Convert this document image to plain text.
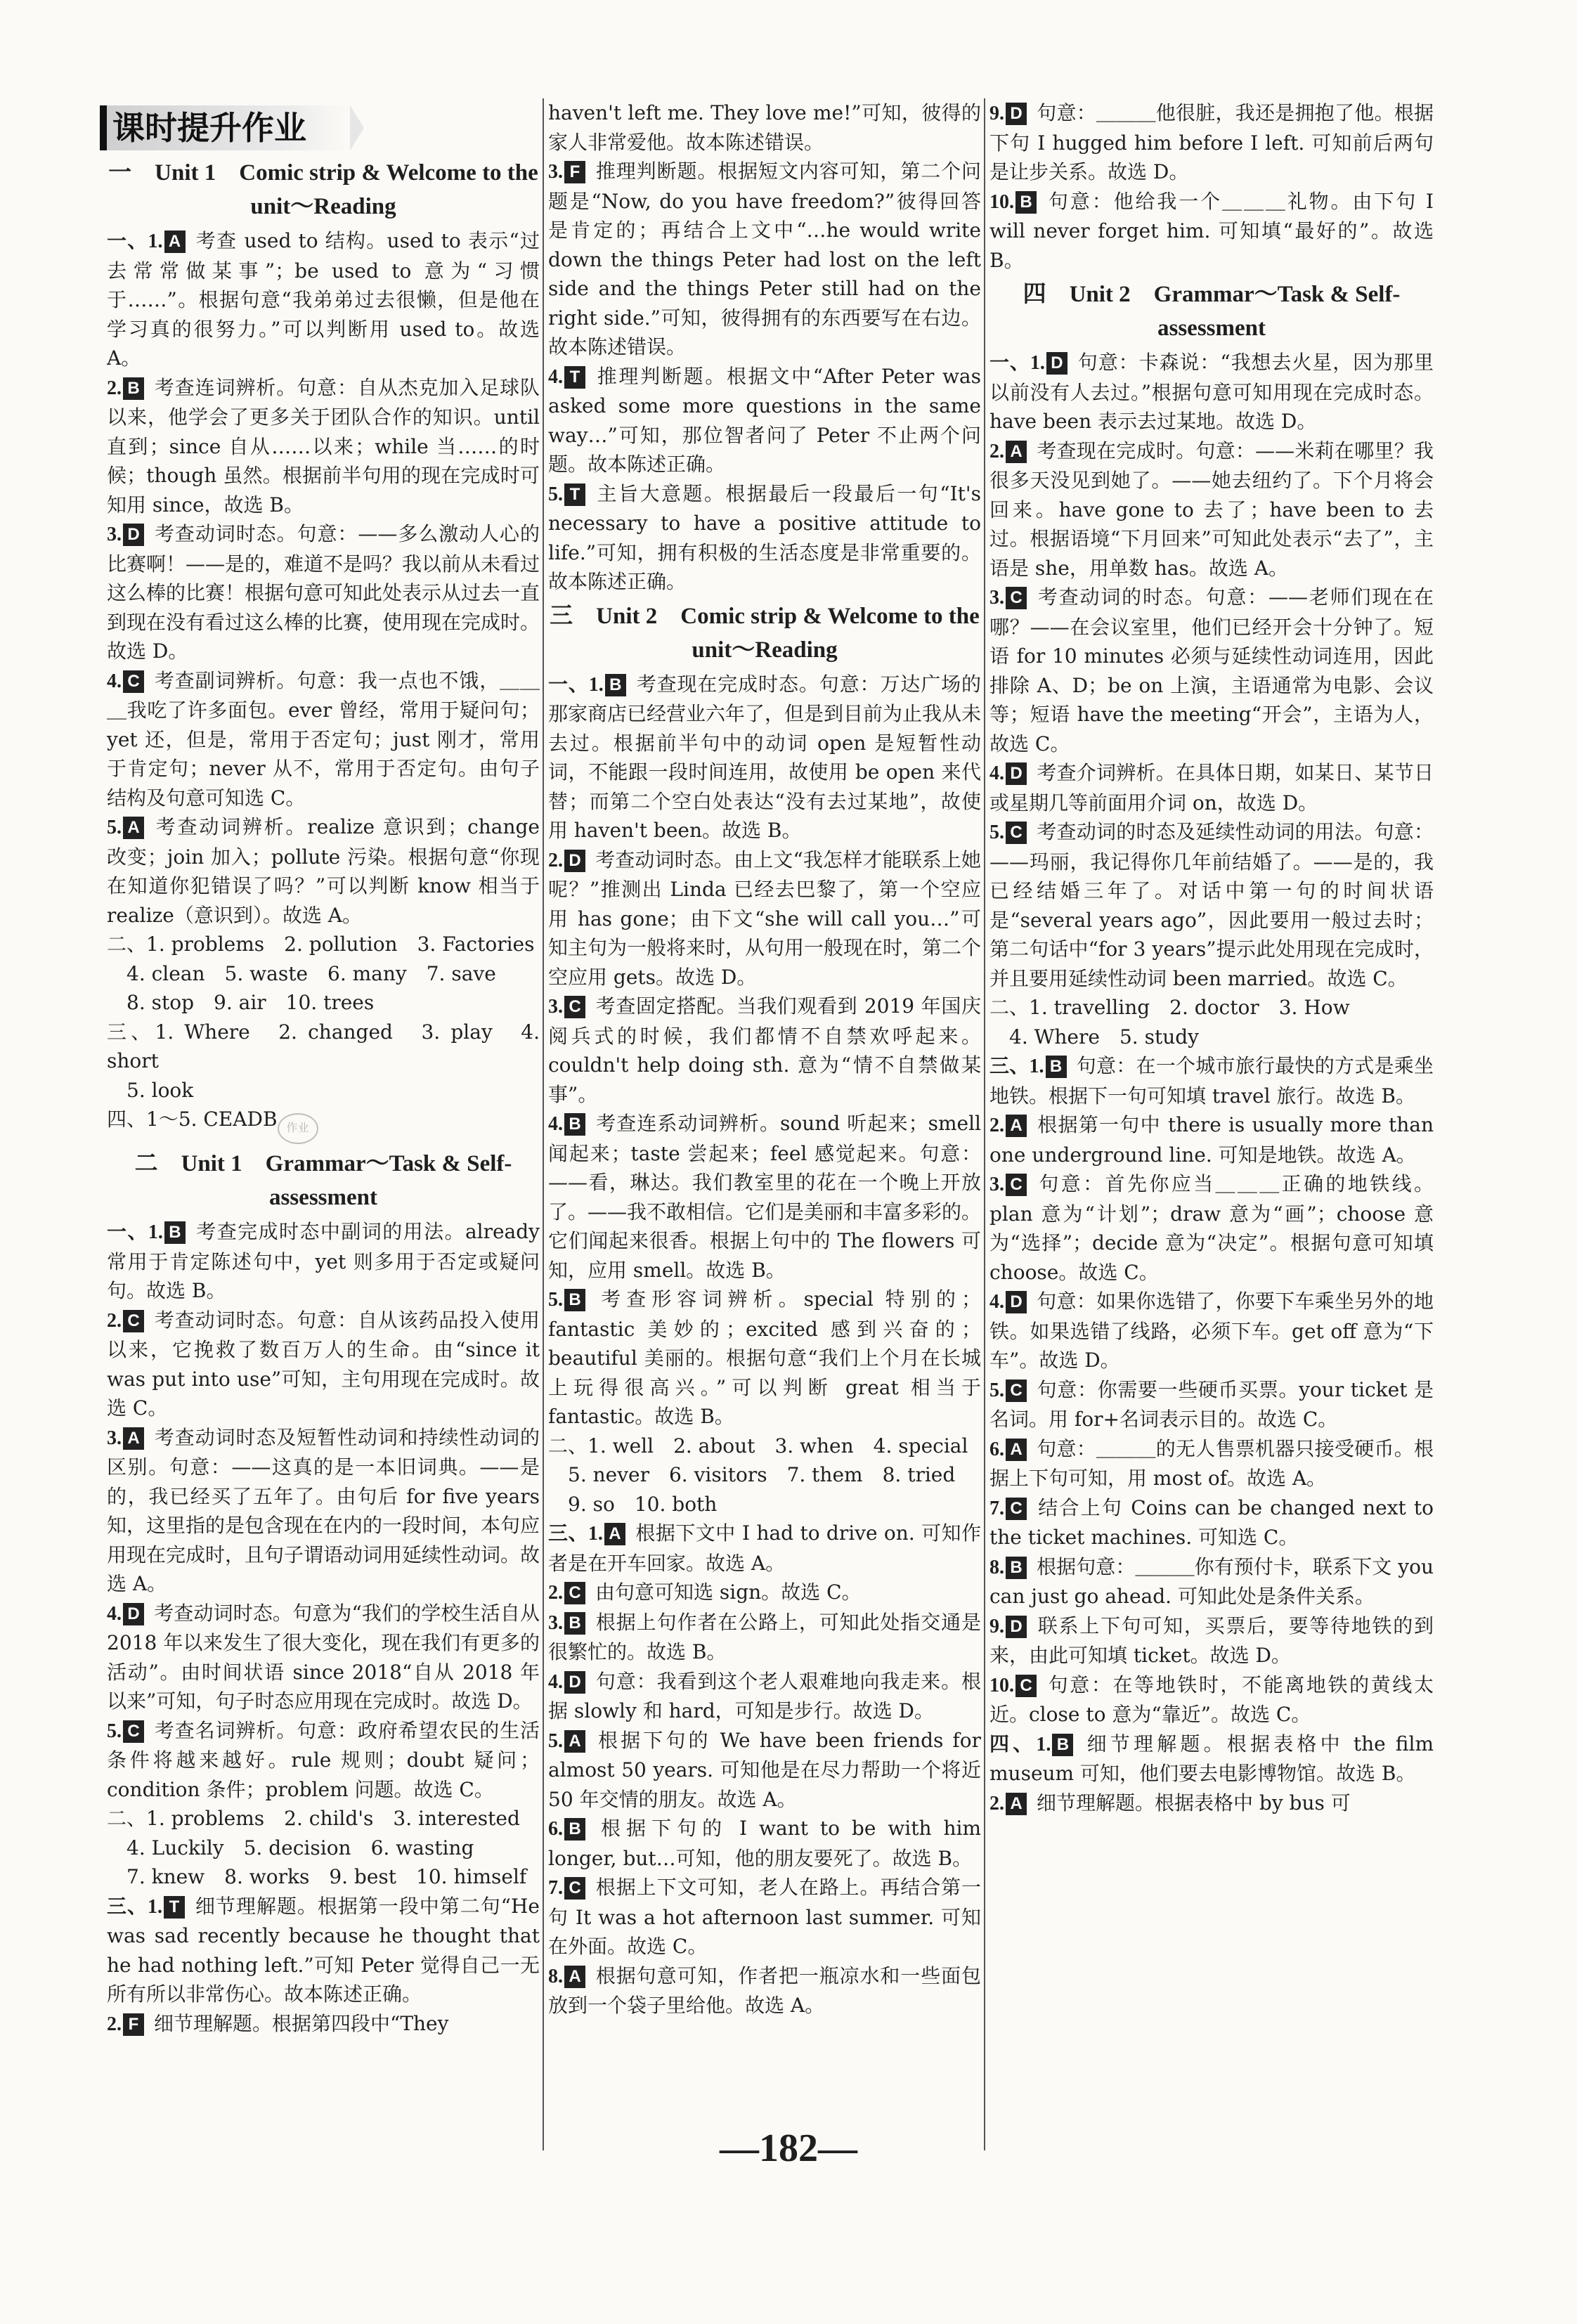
课时提升作业
一　Unit 1　Comic strip & Welcome to the unit～Reading

一、1. A 考查 used to 结构。used to 表示“过去常常做某事”；be used to 意为“习惯于……”。根据句意“我弟弟过去很懒，但是他在学习真的很努力。”可以判断用 used to。故选 A。

2. B 考查连词辨析。句意：自从杰克加入足球队以来，他学会了更多关于团队合作的知识。until 直到；since 自从……以来；while 当……的时候；though 虽然。根据前半句用的现在完成时可知用 since，故选 B。

3. D 考查动词时态。句意：——多么激动人心的比赛啊！——是的，难道不是吗？我以前从未看过这么棒的比赛！根据句意可知此处表示从过去一直到现在没有看过这么棒的比赛，使用现在完成时。故选 D。

4. C 考查副词辨析。句意：我一点也不饿，＿＿＿我吃了许多面包。ever 曾经，常用于疑问句；yet 还，但是，常用于否定句；just 刚才，常用于肯定句；never 从不，常用于否定句。由句子结构及句意可知选 C。

5. A 考查动词辨析。realize 意识到；change 改变；join 加入；pollute 污染。根据句意“你现在知道你犯错误了吗？”可以判断 know 相当于 realize（意识到）。故选 A。

二、1. problems　2. pollution　3. Factories

　4. clean　5. waste　6. many　7. save

　8. stop　9. air　10. trees

三、1. Where　2. changed　3. play　4. short

　5. look

四、1～5. CEADB 作业

二　Unit 1　Grammar～Task & Self-assessment

一、1. B 考查完成时态中副词的用法。already 常用于肯定陈述句中，yet 则多用于否定或疑问句。故选 B。

2. C 考查动词时态。句意：自从该药品投入使用以来，它挽救了数百万人的生命。由“since it was put into use”可知，主句用现在完成时。故选 C。

3. A 考查动词时态及短暂性动词和持续性动词的区别。句意：——这真的是一本旧词典。——是的，我已经买了五年了。由句后 for five years 知，这里指的是包含现在在内的一段时间，本句应用现在完成时，且句子谓语动词用延续性动词。故选 A。

4. D 考查动词时态。句意为“我们的学校生活自从 2018 年以来发生了很大变化，现在我们有更多的活动”。由时间状语 since 2018“自从 2018 年以来”可知，句子时态应用现在完成时。故选 D。

5. C 考查名词辨析。句意：政府希望农民的生活条件将越来越好。rule 规则；doubt 疑问；condition 条件；problem 问题。故选 C。

二、1. problems　2. child's　3. interested

　4. Luckily　5. decision　6. wasting

　7. knew　8. works　9. best　10. himself

三、1. T 细节理解题。根据第一段中第二句“He was sad recently because he thought that he had nothing left.”可知 Peter 觉得自己一无所有所以非常伤心。故本陈述正确。

2. F 细节理解题。根据第四段中“They

haven't left me. They love me!”可知，彼得的家人非常爱他。故本陈述错误。

3. F 推理判断题。根据短文内容可知，第二个问题是“Now, do you have freedom?”彼得回答是肯定的；再结合上文中“…he would write down the things Peter had lost on the left side and the things Peter still had on the right side.”可知，彼得拥有的东西要写在右边。故本陈述错误。

4. T 推理判断题。根据文中“After Peter was asked some more questions in the same way…”可知，那位智者问了 Peter 不止两个问题。故本陈述正确。

5. T 主旨大意题。根据最后一段最后一句“It's necessary to have a positive attitude to life.”可知，拥有积极的生活态度是非常重要的。故本陈述正确。

三　Unit 2　Comic strip & Welcome to the unit～Reading

一、1. B 考查现在完成时态。句意：万达广场的那家商店已经营业六年了，但是到目前为止我从未去过。根据前半句中的动词 open 是短暂性动词，不能跟一段时间连用，故使用 be open 来代替；而第二个空白处表达“没有去过某地”，故使用 haven't been。故选 B。

2. D 考查动词时态。由上文“我怎样才能联系上她呢？”推测出 Linda 已经去巴黎了，第一个空应用 has gone；由下文“she will call you…”可知主句为一般将来时，从句用一般现在时，第二个空应用 gets。故选 D。

3. C 考查固定搭配。当我们观看到 2019 年国庆阅兵式的时候，我们都情不自禁欢呼起来。couldn't help doing sth. 意为“情不自禁做某事”。

4. B 考查连系动词辨析。sound 听起来；smell 闻起来；taste 尝起来；feel 感觉起来。句意：——看，琳达。我们教室里的花在一个晚上开放了。——我不敢相信。它们是美丽和丰富多彩的。它们闻起来很香。根据上句中的 The flowers 可知，应用 smell。故选 B。

5. B 考查形容词辨析。special 特别的；fantastic 美妙的；excited 感到兴奋的；beautiful 美丽的。根据句意“我们上个月在长城上玩得很高兴。”可以判断 great 相当于 fantastic。故选 B。

二、1. well　2. about　3. when　4. special

　5. never　6. visitors　7. them　8. tried

　9. so　10. both

三、1. A 根据下文中 I had to drive on. 可知作者是在开车回家。故选 A。

2. C 由句意可知选 sign。故选 C。

3. B 根据上句作者在公路上，可知此处指交通是很繁忙的。故选 B。

4. D 句意：我看到这个老人艰难地向我走来。根据 slowly 和 hard，可知是步行。故选 D。

5. A 根据下句的 We have been friends for almost 50 years. 可知他是在尽力帮助一个将近 50 年交情的朋友。故选 A。

6. B 根据下句的 I want to be with him longer, but…可知，他的朋友要死了。故选 B。

7. C 根据上下文可知，老人在路上。再结合第一句 It was a hot afternoon last summer. 可知在外面。故选 C。

8. A 根据句意可知，作者把一瓶凉水和一些面包放到一个袋子里给他。故选 A。

9. D 句意：＿＿＿他很脏，我还是拥抱了他。根据下句 I hugged him before I left. 可知前后两句是让步关系。故选 D。

10. B 句意：他给我一个＿＿＿礼物。由下句 I will never forget him. 可知填“最好的”。故选 B。

四　Unit 2　Grammar～Task & Self-assessment

一、1. D 句意：卡森说：“我想去火星，因为那里以前没有人去过。”根据句意可知用现在完成时态。have been 表示去过某地。故选 D。

2. A 考查现在完成时。句意：——米莉在哪里？我很多天没见到她了。——她去纽约了。下个月将会回来。have gone to 去了；have been to 去过。根据语境“下月回来”可知此处表示“去了”，主语是 she，用单数 has。故选 A。

3. C 考查动词的时态。句意：——老师们现在在哪？——在会议室里，他们已经开会十分钟了。短语 for 10 minutes 必须与延续性动词连用，因此排除 A、D；be on 上演，主语通常为电影、会议等；短语 have the meeting“开会”，主语为人，故选 C。

4. D 考查介词辨析。在具体日期，如某日、某节日或星期几等前面用介词 on，故选 D。

5. C 考查动词的时态及延续性动词的用法。句意：——玛丽，我记得你几年前结婚了。——是的，我已经结婚三年了。对话中第一句的时间状语是“several years ago”，因此要用一般过去时；第二句话中“for 3 years”提示此处用现在完成时，并且要用延续性动词 been married。故选 C。

二、1. travelling　2. doctor　3. How

　4. Where　5. study

三、1. B 句意：在一个城市旅行最快的方式是乘坐地铁。根据下一句可知填 travel 旅行。故选 B。

2. A 根据第一句中 there is usually more than one underground line. 可知是地铁。故选 A。

3. C 句意：首先你应当＿＿＿正确的地铁线。plan 意为“计划”；draw 意为“画”；choose 意为“选择”；decide 意为“决定”。根据句意可知填 choose。故选 C。

4. D 句意：如果你选错了，你要下车乘坐另外的地铁。如果选错了线路，必须下车。get off 意为“下车”。故选 D。

5. C 句意：你需要一些硬币买票。your ticket 是名词。用 for+名词表示目的。故选 C。

6. A 句意：＿＿＿的无人售票机器只接受硬币。根据上下句可知，用 most of。故选 A。

7. C 结合上句 Coins can be changed next to the ticket machines. 可知选 C。

8. B 根据句意：＿＿＿你有预付卡，联系下文 you can just go ahead. 可知此处是条件关系。

9. D 联系上下句可知，买票后，要等待地铁的到来，由此可知填 ticket。故选 D。

10. C 句意：在等地铁时，不能离地铁的黄线太近。close to 意为“靠近”。故选 C。

四、1. B 细节理解题。根据表格中 the film museum 可知，他们要去电影博物馆。故选 B。

2. A 细节理解题。根据表格中 by bus 可

—182—
